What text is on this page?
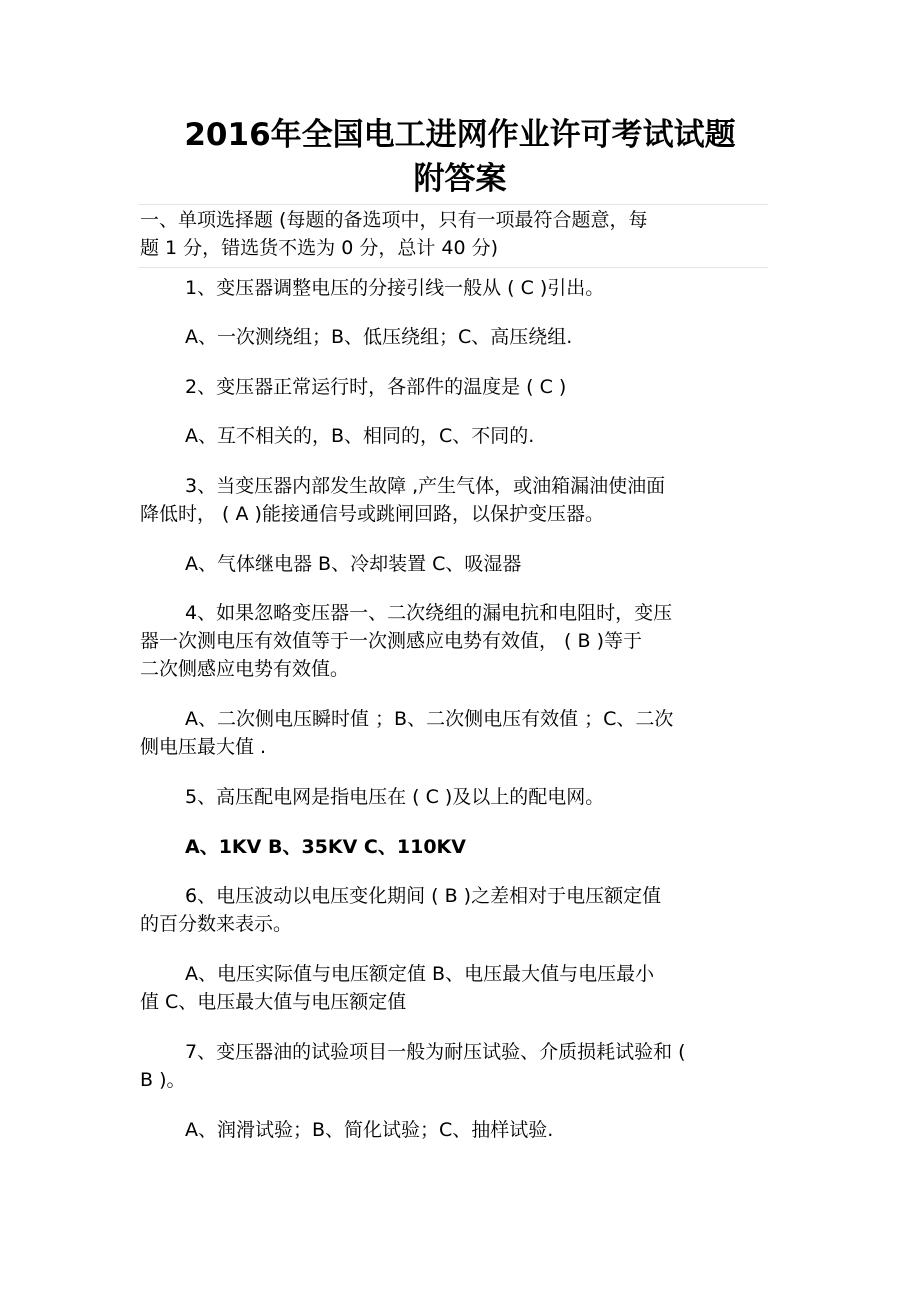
2016年全国电工进网作业许可考试试题
附答案
一、单项选择题 (每题的备选项中，只有一项最符合题意，每
题 1 分，错选货不选为 0 分，总计 40 分)
1、变压器调整电压的分接引线一般从 ( C )引出。
A、一次测绕组；B、低压绕组；C、高压绕组.
2、变压器正常运行时，各部件的温度是 ( C )
A、互不相关的，B、相同的，C、不同的.
3、当变压器内部发生故障 ,产生气体，或油箱漏油使油面
降低时， ( A )能接通信号或跳闸回路，以保护变压器。
A、气体继电器 B、冷却装置 C、吸湿器
4、如果忽略变压器一、二次绕组的漏电抗和电阻时，变压
器一次测电压有效值等于一次测感应电势有效值， ( B )等于
二次侧感应电势有效值。
A、二次侧电压瞬时值 ；B、二次侧电压有效值 ；C、二次
侧电压最大值 .
5、高压配电网是指电压在 ( C )及以上的配电网。
A、1KV B、35KV C、110KV
6、电压波动以电压变化期间 ( B )之差相对于电压额定值
的百分数来表示。
A、电压实际值与电压额定值 B、电压最大值与电压最小
值 C、电压最大值与电压额定值
7、变压器油的试验项目一般为耐压试验、介质损耗试验和 (
B )。
A、润滑试验；B、简化试验；C、抽样试验.
